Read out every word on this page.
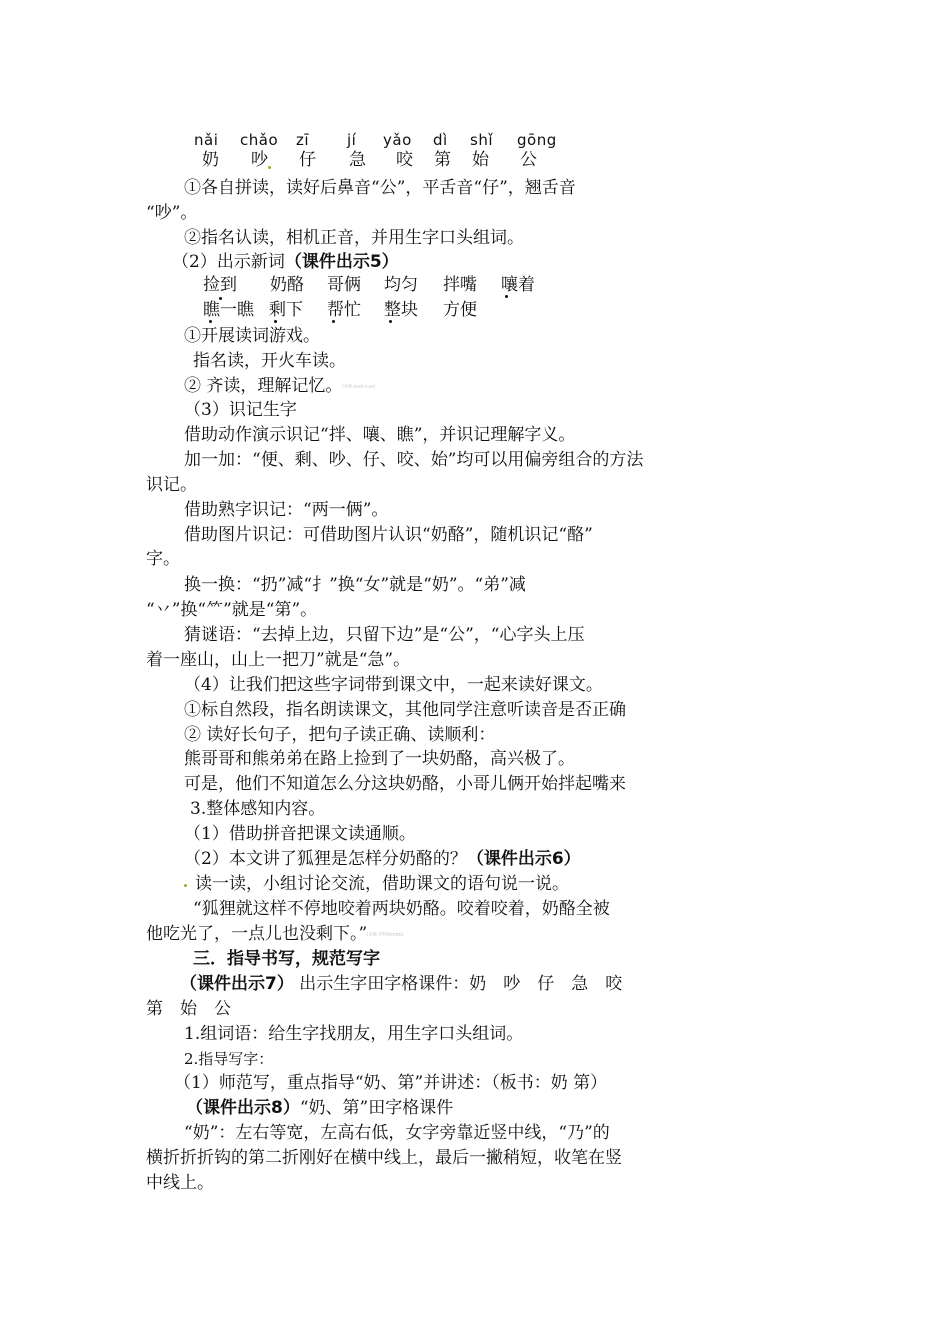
nǎi chǎo zī	jí yǎo dì shǐ gōng
奶 吵 仔 急 咬 第 始 公
①各自拼读，读好后鼻音“公”，平舌音“仔”，翘舌音
“吵”。
②指名认读，相机正音，并用生字口头组词。
（2）出示新词（课件出示5）
捡到 奶酪 哥俩 均匀 拌嘴 嚷着
瞧一瞧 剩下 帮忙 整块 方便
①开展读词游戏。
指名读，开火车读。
② 齐读，理解记忆。[来源:Zxxk.Com]
（3）识记生字
借助动作演示识记“拌、嚷、瞧”，并识记理解字义。
加一加：“便、剩、吵、仔、咬、始”均可以用偏旁组合的方法
识记。
借助熟字识记：“两一俩”。
借助图片识记：可借助图片认识“奶酪”，随机识记“酪”
字。
换一换：“扔”减“扌”换“女”就是“奶”。“弟”减
“丷”换“⺮”就是“第”。
猜谜语：“去掉上边，只留下边”是“公”，“心字头上压
着一座山，山上一把刀”就是“急”。
（4）让我们把这些字词带到课文中，一起来读好课文。
①标自然段，指名朗读课文，其他同学注意听读音是否正确
② 读好长句子，把句子读正确、读顺利：
熊哥哥和熊弟弟在路上捡到了一块奶酪，高兴极了。
可是，他们不知道怎么分这块奶酪，小哥儿俩开始拌起嘴来
3.整体感知内容。
（1）借助拼音把课文读通顺。
（2）本文讲了狐狸是怎样分奶酪的？（课件出示6）
读一读，小组讨论交流，借助课文的语句说一说。
“狐狸就这样不停地咬着两块奶酪。咬着咬着，奶酪全被
他吃光了，一点儿也没剩下。”[来源:学科网ZXXK]
三．指导书写，规范写字
（课件出示7） 出示生字田字格课件：奶　吵　仔　急　咬
第　始　公
1.组词语：给生字找朋友，用生字口头组词。
2.指导写字：
（1）师范写，重点指导“奶、第”并讲述：（板书：奶 第）
（课件出示8）“奶、第”田字格课件
“奶”：左右等宽，左高右低，女字旁靠近竖中线，“乃”的
横折折折钩的第二折刚好在横中线上，最后一撇稍短，收笔在竖
中线上。
